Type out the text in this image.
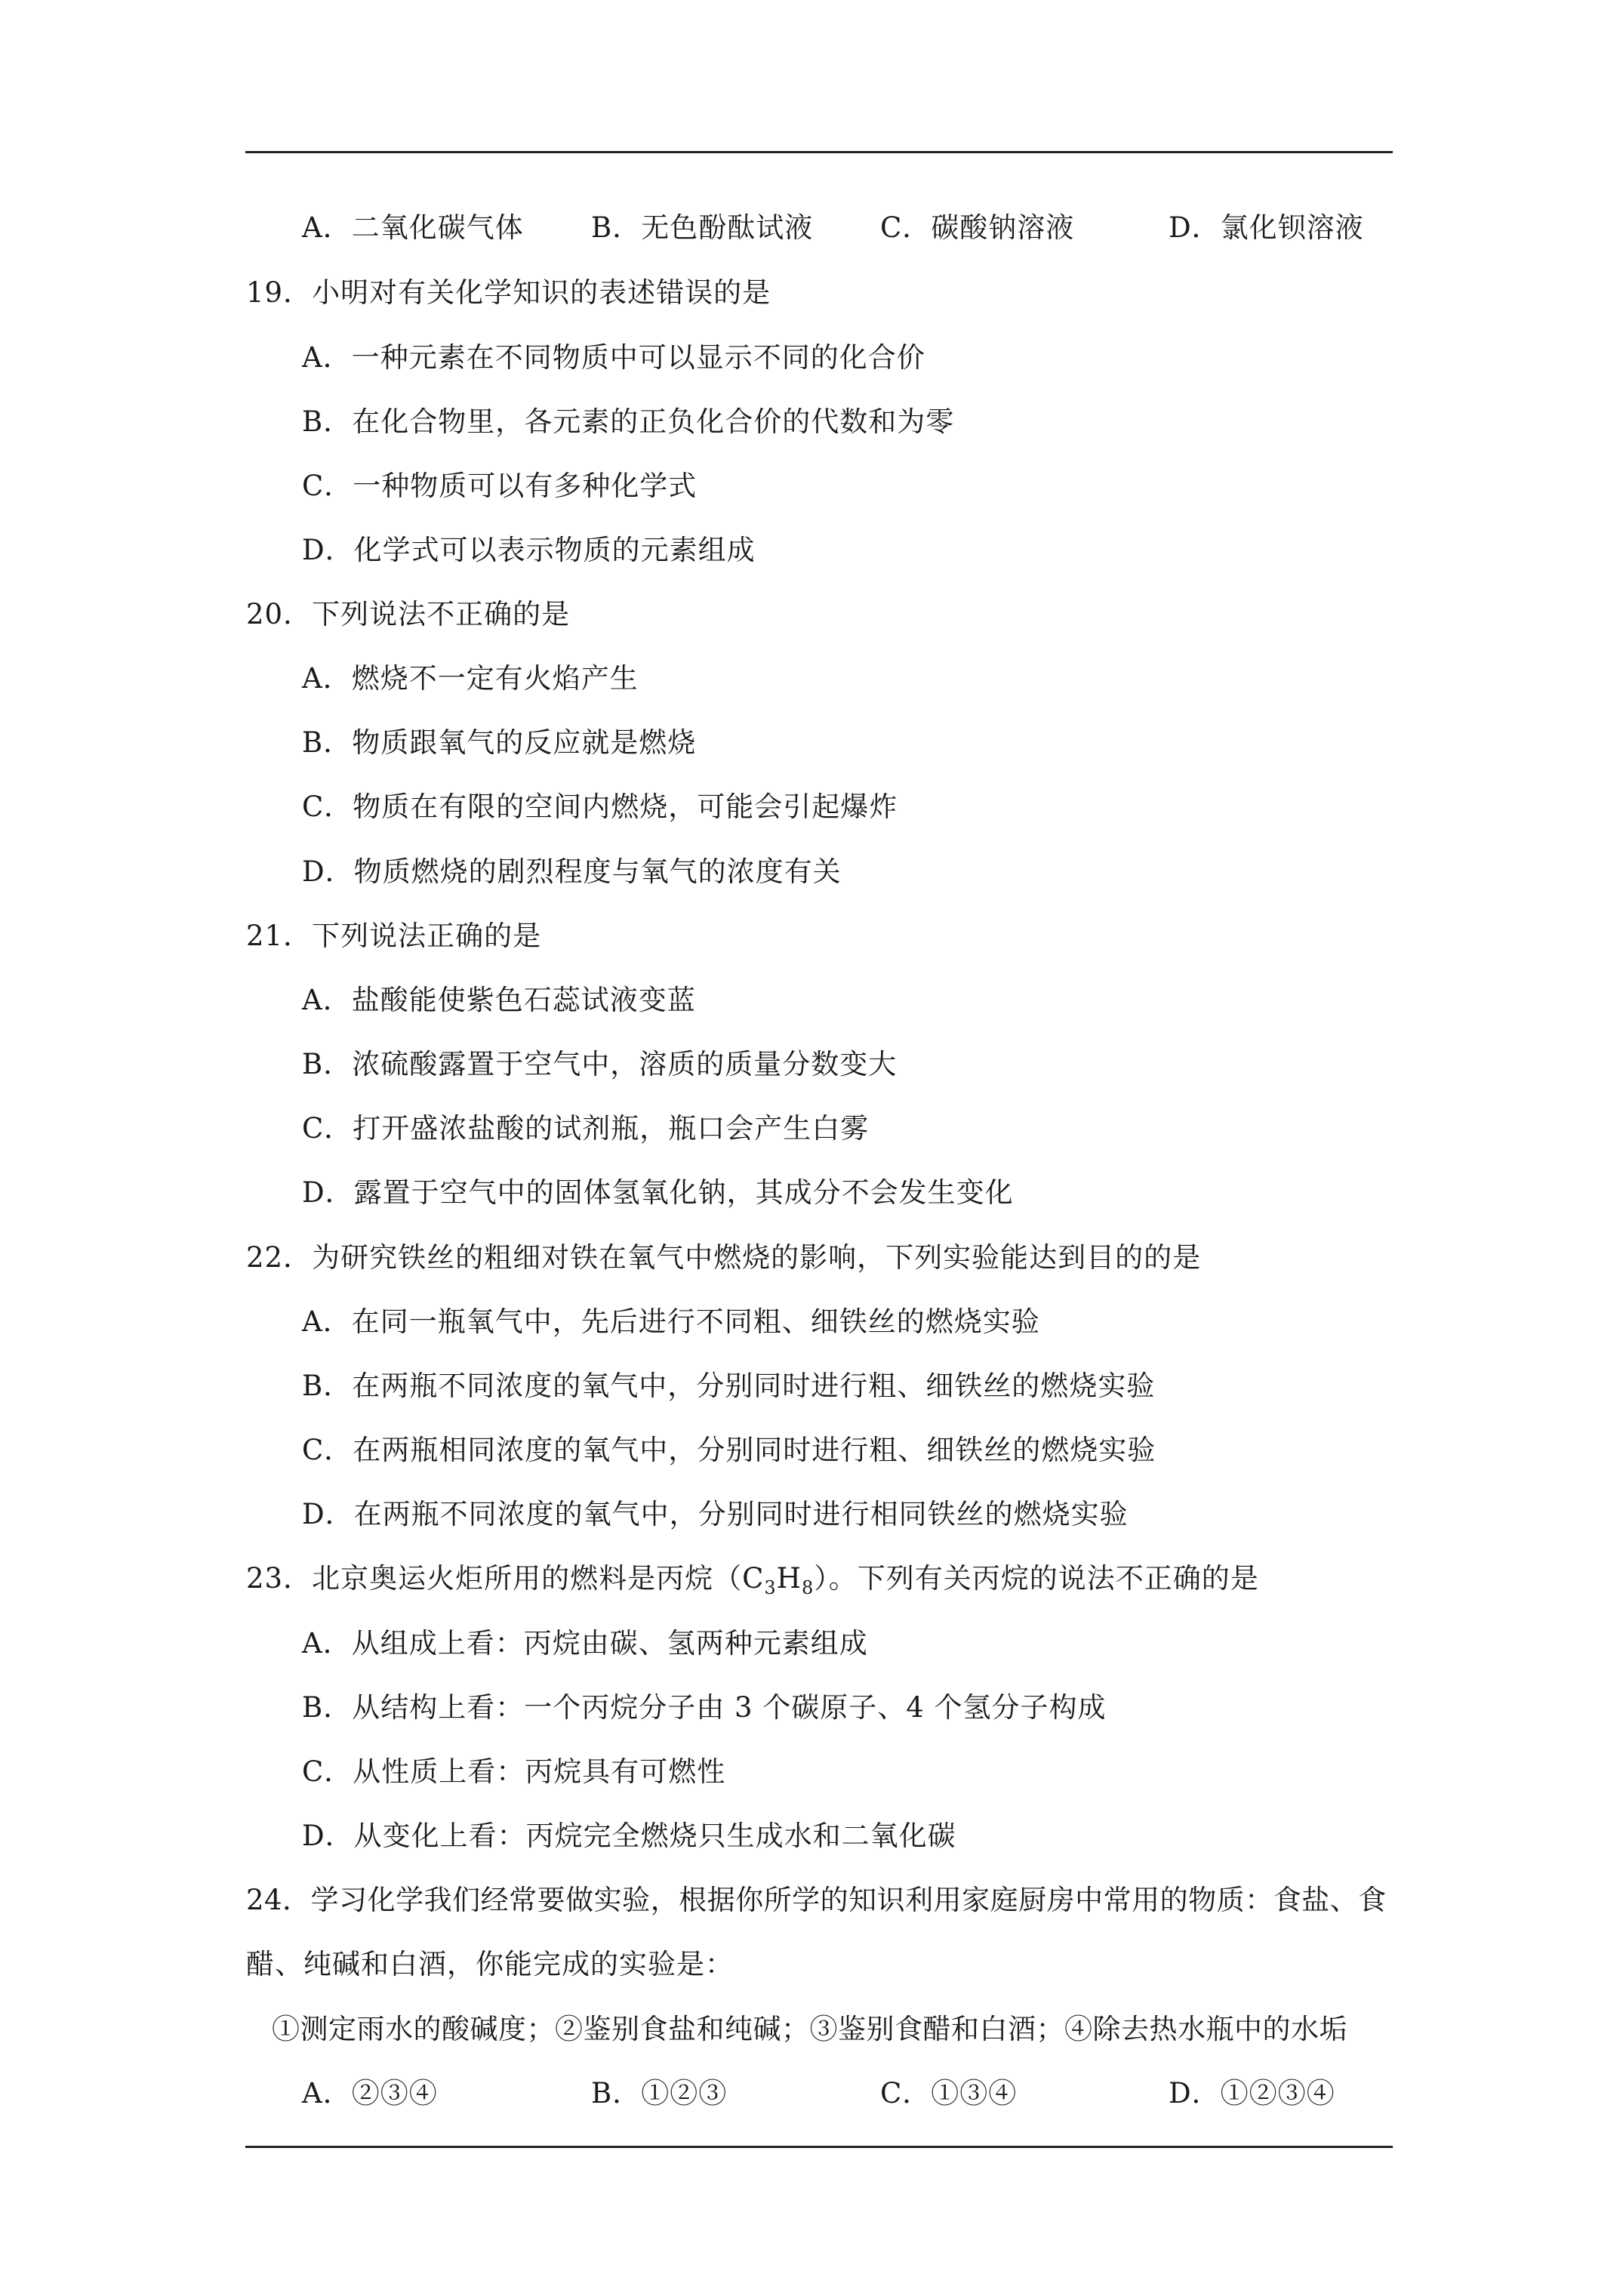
A．二氧化碳气体 B．无色酚酞试液 C．碳酸钠溶液	D．氯化钡溶液
19．小明对有关化学知识的表述错误的是
A．一种元素在不同物质中可以显示不同的化合价
B．在化合物里，各元素的正负化合价的代数和为零
C．一种物质可以有多种化学式
D．化学式可以表示物质的元素组成
20．下列说法不正确的是
A．燃烧不一定有火焰产生
B．物质跟氧气的反应就是燃烧
C．物质在有限的空间内燃烧，可能会引起爆炸
D．物质燃烧的剧烈程度与氧气的浓度有关
21．下列说法正确的是
A．盐酸能使紫色石蕊试液变蓝
B．浓硫酸露置于空气中，溶质的质量分数变大
C．打开盛浓盐酸的试剂瓶，瓶口会产生白雾
D．露置于空气中的固体氢氧化钠，其成分不会发生变化
22．为研究铁丝的粗细对铁在氧气中燃烧的影响，下列实验能达到目的的是
A．在同一瓶氧气中，先后进行不同粗、细铁丝的燃烧实验
B．在两瓶不同浓度的氧气中，分别同时进行粗、细铁丝的燃烧实验
C．在两瓶相同浓度的氧气中，分别同时进行粗、细铁丝的燃烧实验
D．在两瓶不同浓度的氧气中，分别同时进行相同铁丝的燃烧实验
23．北京奥运火炬所用的燃料是丙烷$(C_3H_8)$。下列有关丙烷的说法不正确的是
A．从组成上看：丙烷由碳、氢两种元素组成
B．从结构上看：一个丙烷分子由 3 个碳原子、4 个氢分子构成
C．从性质上看：丙烷具有可燃性
D．从变化上看：丙烷完全燃烧只生成水和二氧化碳
24．学习化学我们经常要做实验，根据你所学的知识利用家庭厨房中常用的物质：食盐、食
醋、纯碱和白酒，你能完成的实验是：
①测定雨水的酸碱度；②鉴别食盐和纯碱；③鉴别食醋和白酒；④除去热水瓶中的水垢
A．②③④	B．①②③	C．①③④	D．①②③④
